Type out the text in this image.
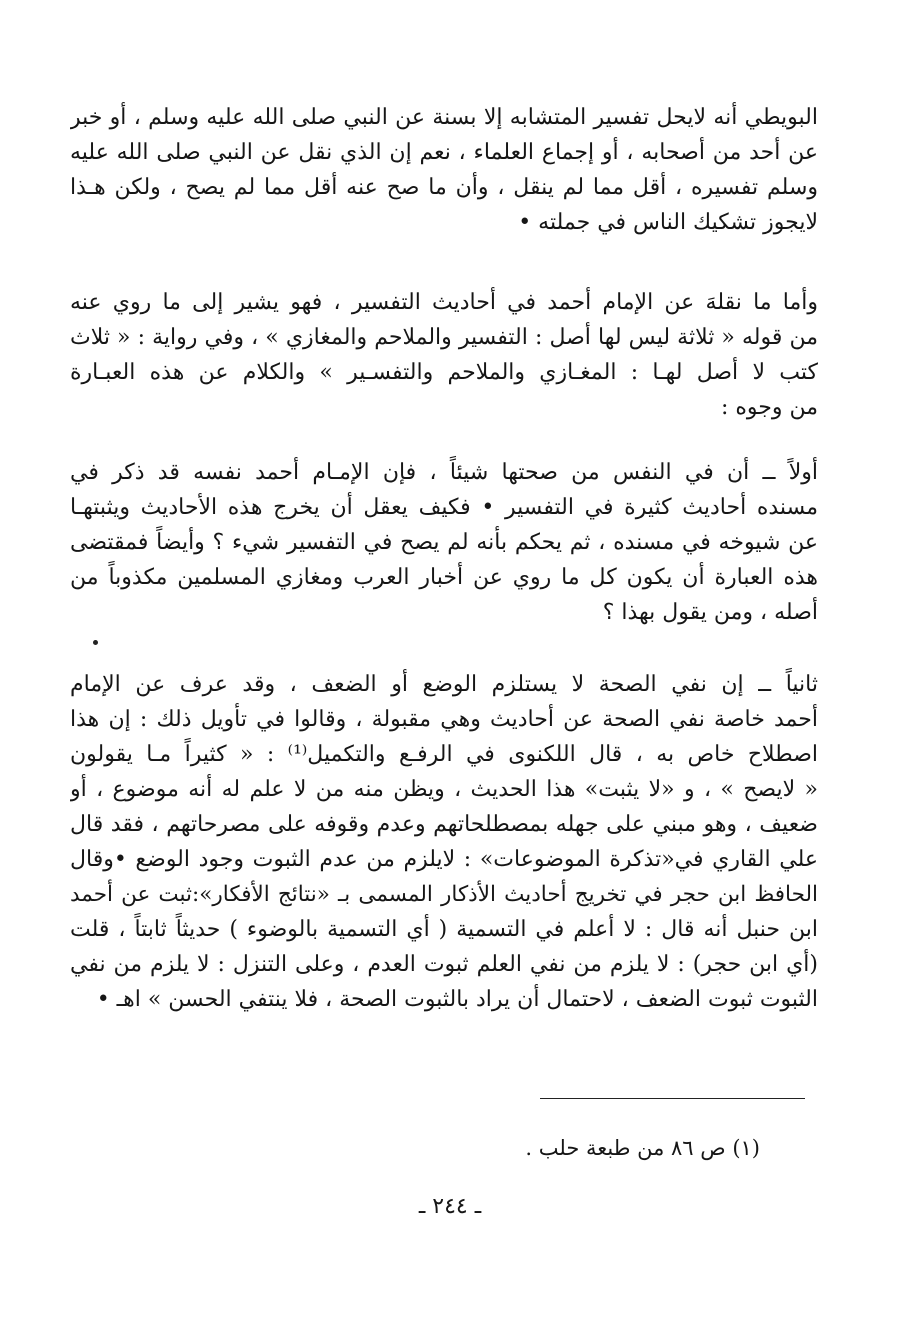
البويطي أنه لايحل تفسير المتشابه إلا بسنة عن النبي صلى الله عليه وسلم ، أو خبر
عن أحد من أصحابه ، أو إجماع العلماء ، نعم إن الذي نقل عن النبي صلى الله عليه
وسلم تفسيره ، أقل مما لم ينقل ، وأن ما صح عنه أقل مما لم يصح ، ولكن هـذا
لايجوز تشكيك الناس في جملته •
وأما ما نقلهَ عن الإمام أحمد في أحاديث التفسير ، فهو يشير إلى ما روي عنه
من قوله « ثلاثة ليس لها أصل : التفسير والملاحم والمغازي » ، وفي رواية : « ثلاث
كتب لا أصل لهـا : المغـازي والملاحم والتفسـير » والكلام عن هذه العبـارة
من وجوه :
أولاً ــ أن في النفس من صحتها شيئاً ، فإن الإمـام أحمد نفسه قد ذكر في
مسنده أحاديث كثيرة في التفسير • فكيف يعقل أن يخرج هذه الأحاديث ويثبتهـا
عن شيوخه في مسنده ، ثم يحكم بأنه لم يصح في التفسير شيء ؟ وأيضاً فمقتضى
هذه العبارة أن يكون كل ما روي عن أخبار العرب ومغازي المسلمين مكذوباً من
أصله ، ومن يقول بهذا ؟
ثانياً ــ إن نفي الصحة لا يستلزم الوضع أو الضعف ، وقد عرف عن الإمام
أحمد خاصة نفي الصحة عن أحاديث وهي مقبولة ، وقالوا في تأويل ذلك : إن هذا
اصطلاح خاص به ، قال اللكنوى في الرفـع والتكميل⁽¹⁾ : « كثيراً مـا يقولون
« لايصح » ، و «لا يثبت» هذا الحديث ، ويظن منه من لا علم له أنه موضوع ، أو
ضعيف ، وهو مبني على جهله بمصطلحاتهم وعدم وقوفه على مصرحاتهم ، فقد قال
علي القاري في«تذكرة الموضوعات» : لايلزم من عدم الثبوت وجود الوضع •وقال
الحافظ ابن حجر في تخريج أحاديث الأذكار المسمى بـ «نتائج الأفكار»:ثبت عن أحمد
ابن حنبل أنه قال : لا أعلم في التسمية ( أي التسمية بالوضوء ) حديثاً ثابتاً ، قلت
(أي ابن حجر) : لا يلزم من نفي العلم ثبوت العدم ، وعلى التنزل : لا يلزم من نفي
الثبوت ثبوت الضعف ، لاحتمال أن يراد بالثبوت الصحة ، فلا ينتفي الحسن » اهـ •
(١) ص ٨٦ من طبعة حلب .
ـ ٢٤٤ ـ
